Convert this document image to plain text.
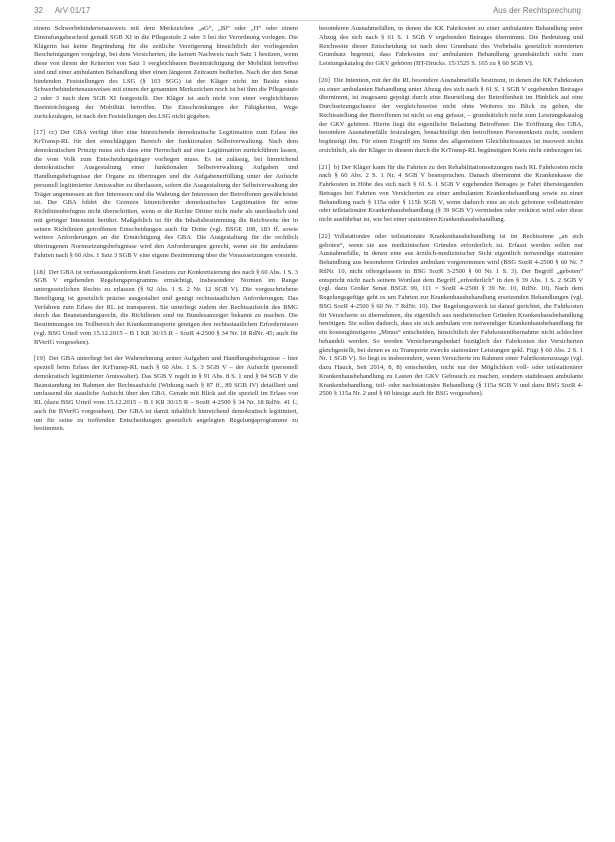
32 ArV 01/17	Aus der Rechtsprechung

einem Schwerbehindertenausweis mit dem Merkzeichen „aG“, „Bl“ oder „H“ oder einem Einstufungsbescheid gemäß SGB XI in die Pflegestufe 2 oder 3 bei der Verordnung vorlegen. Die Klägerin hat keine Begründung für die zeitliche Verzögerung hinsichtlich der vorliegenden Bescheinigungen vorgelegt, bei dem Versicherten, die keinen Nachweis nach Satz 1 besitzen, wenn diese von ihrem der Kriterien von Satz 1 vergleichbaren Beeinträchtigung der Mobilität betroffen sind und einer ambulanten Behandlung über einen längeren Zeitraum bedürfen. Nach der den Senat bindenden Feststellungen des LSG (§ 163 SGG) ist der Kläger nicht im Besitz eines Schwerbehindertenausweises mit einem der genannten Merkzeichen noch ist bei ihm die Pflegestufe 2 oder 3 nach dem SGB XI festgestellt. Der Kläger ist auch nicht von einer vergleichbaren Beeinträchtigung der Mobilität betroffen. Die Einschränkungen der Fähigkeiten, Wege zurückzulegen, ist nach den Feststellungen des LSG nicht gegeben.

[17] cc) Der GBA verfügt über eine hinreichende demokratische Legitimation zum Erlass der KrTransp-RL für den einschlägigen Bereich der funktionalen Selbstverwaltung. Nach dem demokratischen Prinzip muss sich dass eine Herrschaft auf eine Legitimation zurückführen lassen, die vom Volk zum Entscheidungsträger vorliegen muss. Es ist zulässig, bei hinreichend demokratischer Ausgestaltung einer funktionalen Selbstverwaltung Aufgaben und Handlungsbefugnisse der Organe zu übertragen und die Aufgabenerfüllung unter der Aufsicht personell legitimierter Amtswalter zu überlassen, sofern die Ausgestaltung der Selbstverwaltung der Träger angemessen an ihre Interessen und die Wahrung der Interessen der Betroffenen gewährleistet ist. Der GBA bildet die Grenzen hinreichender demokratischer Legitimation für seine Richtlinienbefugnis nicht überschritten, wenn er die Rechte Dritter nicht mehr als unerlässlich und mit geringer Intensität berührt. Maßgeblich ist für die Inhaltsbestimmung die Reichweite der in seinen Richtlinien getroffenen Entscheidungen auch für Dritte (vgl. BSGE 108, 183 ff. sowie weitere Anforderungen an die Ermächtigung des GBA. Die Ausgestaltung für die rechtlich übertragenen Normsetzungsbefugnisse wird den Anforderungen gerecht, wenn sie für ambulante Fahrten nach § 60 Abs. 1 Satz 3 SGB V eine eigene Bestimmung über die Voraussetzungen vorsieht.

[18] Der GBA ist verfassungskonform kraft Gesetzes zur Konkretisierung des nach § 60 Abs. 1 S. 3 SGB V ergehenden Regelungsprogramms ermächtigt, insbesondere Normen im Range untergesetzlichen Rechts zu erlassen (§ 92 Abs. 1 S. 2 Nr. 12 SGB V). Die vorgeschriebene Beteiligung ist gesetzlich präzise ausgestaltet und genügt rechtsstaatlichen Anforderungen. Das Verfahren zum Erlass der RL ist transparent. Sie unterliegt zudem der Rechtsaufsicht des BMG durch das Beanstandungsrecht, die Richtlinien sind im Bundesanzeiger bekannt zu machen. Die Bestimmungen im Teilbereich der Krankentransporte genügen den rechtsstaatlichen Erfordernissen (vgl. BSG Urteil vom 15.12.2015 – B 1 KR 30/15 R – SozR 4-2500 § 34 Nr. 18 RdNr. 45; auch für BVerfG vorgesehen).

[19] Der GBA unterliegt bei der Wahrnehmung seiner Aufgaben und Handlungsbefugnisse – hier speziell beim Erlass der KrTransp-RL nach § 60 Abs. 1 S. 3 SGB V – der Aufsicht (personell demokratisch legitimierter Amtswalter). Das SGB V regelt in § 91 Abs. 8 S. 1 und § 94 SGB V die Beanstandung im Rahmen der Rechtsaufsicht (Wirkung nach § 87 ff., 89 SGB IV) detailliert und umfassend die staatliche Aufsicht über den GBA. Gerade mit Blick auf die speziell im Erlass von RL (dazu BSG Urteil vom 15.12.2015 – B 1 KR 30/15 R – SozR 4-2500 § 34 Nr. 18 RdNr. 41 f.; auch für BVerfG vorgesehen). Der GBA ist damit inhaltlich hinreichend demokratisch legitimiert, um für seine zu treffenden Entscheidungen gesetzlich angelegten Regelungsprogramme zu bestimmen.

besonderen Ausnahmefällen, in denen die KK Fahrkosten zu einer ambulanten Behandlung unter Abzug des sich nach § 61 S. 1 SGB V ergebenden Betrages übernimmt. Die Bedeutung und Reichweite dieser Entscheidung ist nach dem Grundsatz des Vorbehalts gesetzlich normierten Grundsatz begrenzt, dass Fahrkosten zur ambulanten Behandlung grundsätzlich nicht zum Leistungskatalog der GKV gehören (BT-Drucks. 15/1525 S. 165 zu § 60 SGB V).

[20] Die Intention, mit der die RL besondere Ausnahmefälle bestimmt, in denen die KK Fahrkosten zu einer ambulanten Behandlung unter Abzug des sich nach § 61 S. 1 SGB V ergebenden Betrages übernimmt, ist insgesamt geprägt durch eine Beurteilung der Betroffenheit im Hinblick auf eine Durchsetzungschance der vergleichsweise nicht ohne Weiteres im Blick zu geben, die Rechtsstellung der Betroffenen ist nicht so eng gefasst, – grundsätzlich nicht zum Leistungskatalog der GKV gehören. Hierin liegt die eigentliche Belastung Betroffener. Die Eröffnung des GBA, besondere Ausnahmefälle festzulegen, benachteiligt den betroffenen Personenkreis nicht, sondern begünstigt ihn. Für einen Eingriff im Sinne des allgemeinen Gleichheitssatzes ist insoweit nichts ersichtlich, als der Kläger in diesem durch die KrTransp-RL begünstigten Kreis nicht einbezogen ist.

[21] b) Der Kläger kann für die Fahrten zu den Rehabilitationssitzungen nach RL Fahrkosten nicht nach § 60 Abs. 2 S. 1 Nr. 4 SGB V beanspruchen. Danach übernimmt die Krankenkasse die Fahrkosten in Höhe des sich nach § 61 S. 1 SGB V ergebenden Betrages je Fahrt übersteigenden Betrages bei Fahrten von Versicherten zu einer ambulanten Krankenbehandlung sowie zu einer Behandlung nach § 115a oder § 115b SGB V, wenn dadurch eine an sich gebotene vollstationäre oder teilstationäre Krankenhausbehandlung (§ 39 SGB V) vermieden oder verkürzt wird oder diese nicht ausführbar ist, wie bei einer stationären Krankenhausbehandlung.

[22] Vollstationäre oder teilstationäre Krankenhausbehandlung ist im Rechtssinne „an sich geboten“, wenn sie aus medizinischen Gründen erforderlich ist. Erfasst werden sollen nur Ausnahmefälle, in denen eine aus ärztlich-medizinischer Sicht eigentlich notwendige stationäre Behandlung aus besonderen Gründen ambulant vorgenommen wird (BSG SozR 4-2500 § 60 Nr. 7 RdNr. 10, nicht offengelassen in BSG SozR 3-2500 § 60 Nr. 1 S. 3). Der Begriff „geboten“ entspricht nicht nach seinem Wortlaut dem Begriff „erforderlich“ in den § 39 Abs. 1 S. 2 SGB V (vgl. dazu Großer Senat BSGE 99, 111 = SozR 4-2500 § 39 Nr. 10, RdNr. 10). Nach dem Regelungsgefüge geht es um Fahrten zur Krankenhausbehandlung ersetzenden Behandlungen (vgl. BSG SozR 4-2500 § 60 Nr. 7 RdNr. 10). Der Regelungszweck ist darauf gerichtet, die Fahrkosten für Versicherte zu übernehmen, die eigentlich aus medizinischen Gründen Krankenhausbehandlung benötigen. Sie sollen dadurch, dass sie sich ambulant von notwendiger Krankenhausbehandlung für ein kostengünstigeres „Minus“ entscheiden, hinsichtlich der Fahrkostenübernahme nicht schlechter behandelt werden. So werden Versicherungsbedarf bezüglich der Fahrkosten der Versicherten gleichgestellt, bei denen es zu Transporte zwecks stationärer Leistungen gekl. Fügt § 60 Abs. 2 S. 1 Nr. 1 SGB V). So liegt es insbesondere, wenn Versicherte im Rahmen einer Fahrtkostenzusage (vgl. dazu Hauck, Seit 2014, 8, 8) entscheiden, nicht nur der Möglichkeit voll- oder teilstationärer Krankenhausbehandlung zu Lasten der GKV Gebrauch zu machen, sondern stattdessen ambulante Krankenbehandlung, teil- oder nachstationäre Behandlung (§ 115a SGB V und dazu BSG SozR 4-2500 § 115a Nr. 2 und § 60 hiesige auch für BSG vorgesehen).
